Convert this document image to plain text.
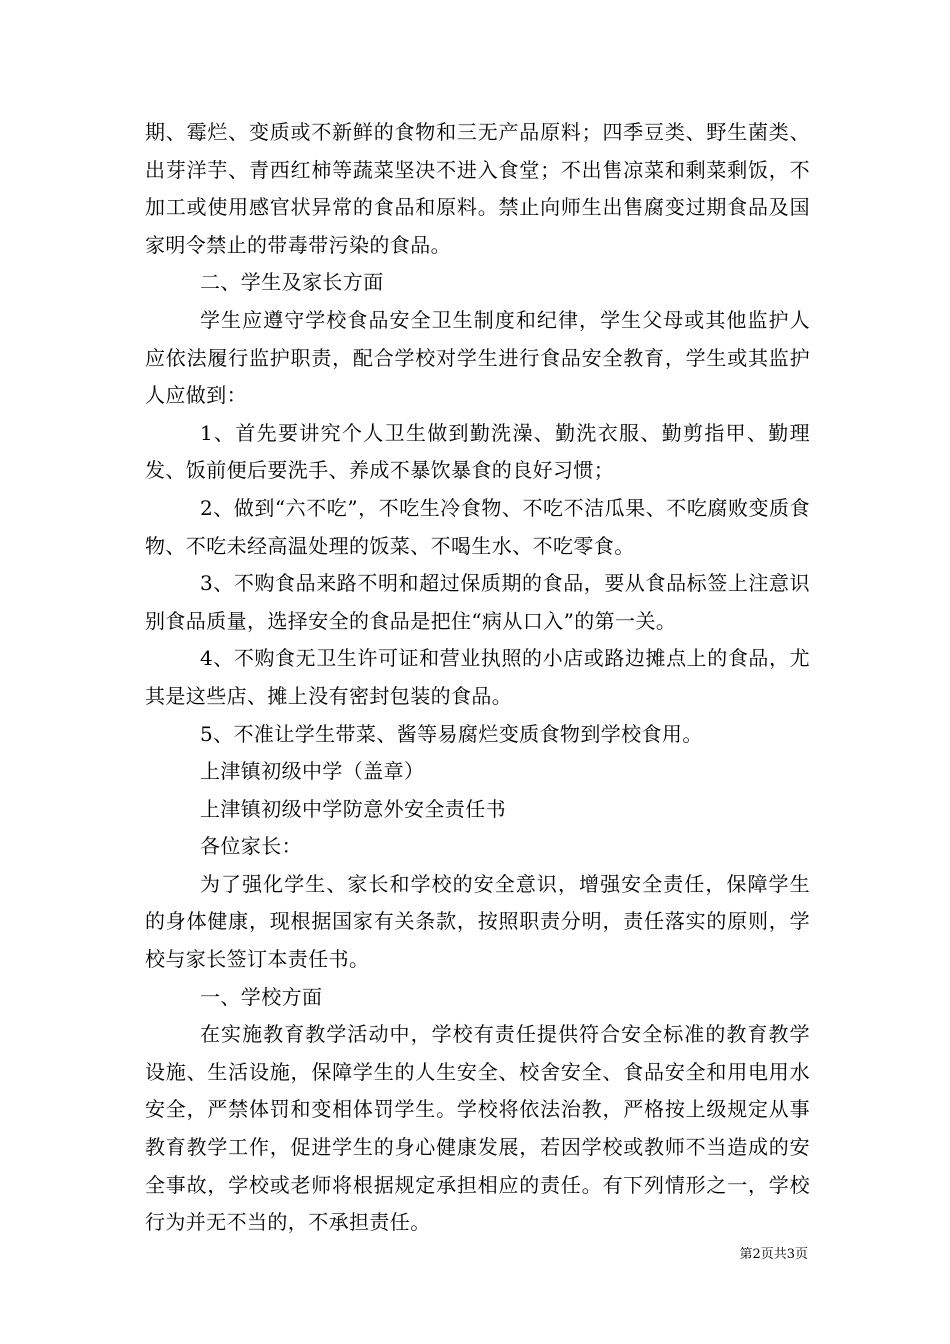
期、霉烂、变质或不新鲜的食物和三无产品原料；四季豆类、野生菌类、出芽洋芋、青西红柿等蔬菜坚决不进入食堂；不出售凉菜和剩菜剩饭，不加工或使用感官状异常的食品和原料。禁止向师生出售腐变过期食品及国家明令禁止的带毒带污染的食品。

二、学生及家长方面

学生应遵守学校食品安全卫生制度和纪律，学生父母或其他监护人应依法履行监护职责，配合学校对学生进行食品安全教育，学生或其监护人应做到：

1、首先要讲究个人卫生做到勤洗澡、勤洗衣服、勤剪指甲、勤理发、饭前便后要洗手、养成不暴饮暴食的良好习惯；

2、做到“六不吃”，不吃生冷食物、不吃不洁瓜果、不吃腐败变质食物、不吃未经高温处理的饭菜、不喝生水、不吃零食。

3、不购食品来路不明和超过保质期的食品，要从食品标签上注意识别食品质量，选择安全的食品是把住“病从口入”的第一关。

4、不购食无卫生许可证和营业执照的小店或路边摊点上的食品，尤其是这些店、摊上没有密封包装的食品。

5、不准让学生带菜、酱等易腐烂变质食物到学校食用。

上津镇初级中学（盖章）

上津镇初级中学防意外安全责任书

各位家长：

为了强化学生、家长和学校的安全意识，增强安全责任，保障学生的身体健康，现根据国家有关条款，按照职责分明，责任落实的原则，学校与家长签订本责任书。

一、学校方面

在实施教育教学活动中，学校有责任提供符合安全标准的教育教学设施、生活设施，保障学生的人生安全、校舍安全、食品安全和用电用水安全，严禁体罚和变相体罚学生。学校将依法治教，严格按上级规定从事教育教学工作，促进学生的身心健康发展，若因学校或教师不当造成的安全事故，学校或老师将根据规定承担相应的责任。有下列情形之一，学校行为并无不当的，不承担责任。

第2页共3页
